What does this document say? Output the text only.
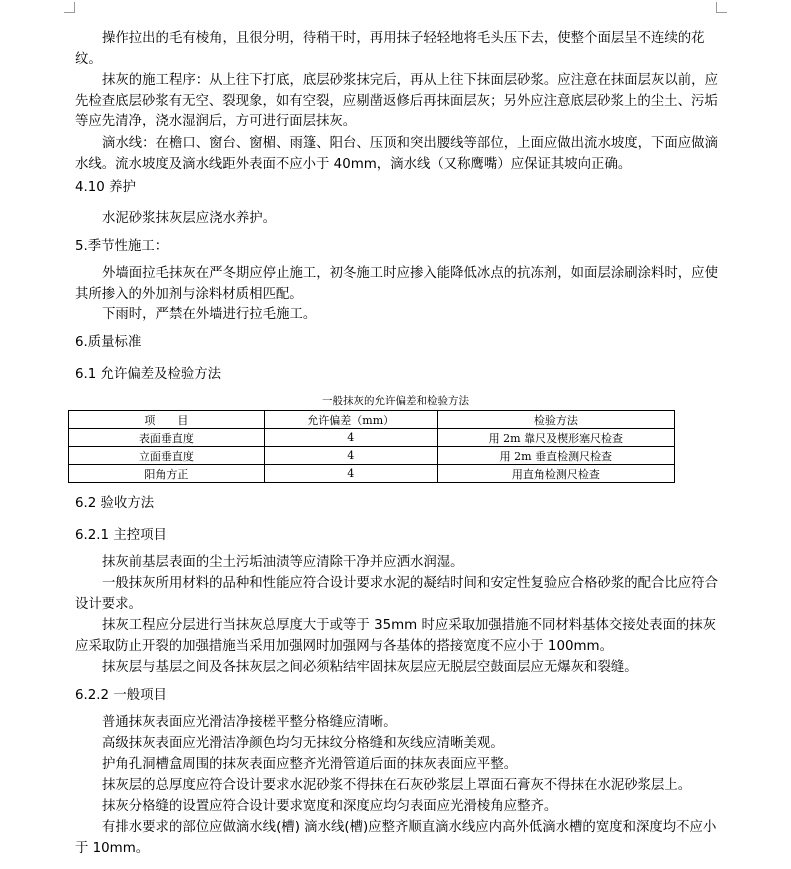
操作拉出的毛有棱角，且很分明，待稍干时，再用抹子轻轻地将毛头压下去，使整个面层呈不连续的花纹。

抹灰的施工程序：从上往下打底，底层砂浆抹完后，再从上往下抹面层砂浆。应注意在抹面层灰以前，应先检查底层砂浆有无空、裂现象，如有空裂，应剔凿返修后再抹面层灰；另外应注意底层砂浆上的尘土、污垢等应先清净，浇水湿润后，方可进行面层抹灰。

滴水线：在檐口、窗台、窗楣、雨篷、阳台、压顶和突出腰线等部位，上面应做出流水坡度，下面应做滴水线。流水坡度及滴水线距外表面不应小于 40mm，滴水线（又称鹰嘴）应保证其坡向正确。

4.10 养护

水泥砂浆抹灰层应浇水养护。

5.季节性施工：

外墙面拉毛抹灰在严冬期应停止施工，初冬施工时应掺入能降低冰点的抗冻剂，如面层涂刷涂料时，应使其所掺入的外加剂与涂料材质相匹配。

下雨时，严禁在外墙进行拉毛施工。

6.质量标准
6.1 允许偏差及检验方法
一般抹灰的允许偏差和检验方法
项　　目	允许偏差（mm）	检验方法
表面垂直度	4	用 2m 靠尺及楔形塞尺检查
立面垂直度	4	用 2m 垂直检测尺检查
阳角方正	4	用直角检测尺检查
6.2 验收方法
6.2.1 主控项目

抹灰前基层表面的尘土污垢油渍等应清除干净并应洒水润湿。

一般抹灰所用材料的品种和性能应符合设计要求水泥的凝结时间和安定性复验应合格砂浆的配合比应符合设计要求。

抹灰工程应分层进行当抹灰总厚度大于或等于 35mm 时应采取加强措施不同材料基体交接处表面的抹灰应采取防止开裂的加强措施当采用加强网时加强网与各基体的搭接宽度不应小于 100mm。

抹灰层与基层之间及各抹灰层之间必须粘结牢固抹灰层应无脱层空鼓面层应无爆灰和裂缝。

6.2.2 一般项目

普通抹灰表面应光滑洁净接槎平整分格缝应清晰。

高级抹灰表面应光滑洁净颜色均匀无抹纹分格缝和灰线应清晰美观。

护角孔洞槽盒周围的抹灰表面应整齐光滑管道后面的抹灰表面应平整。

抹灰层的总厚度应符合设计要求水泥砂浆不得抹在石灰砂浆层上罩面石膏灰不得抹在水泥砂浆层上。

抹灰分格缝的设置应符合设计要求宽度和深度应均匀表面应光滑棱角应整齐。

有排水要求的部位应做滴水线(槽) 滴水线(槽)应整齐顺直滴水线应内高外低滴水槽的宽度和深度均不应小于 10mm。
